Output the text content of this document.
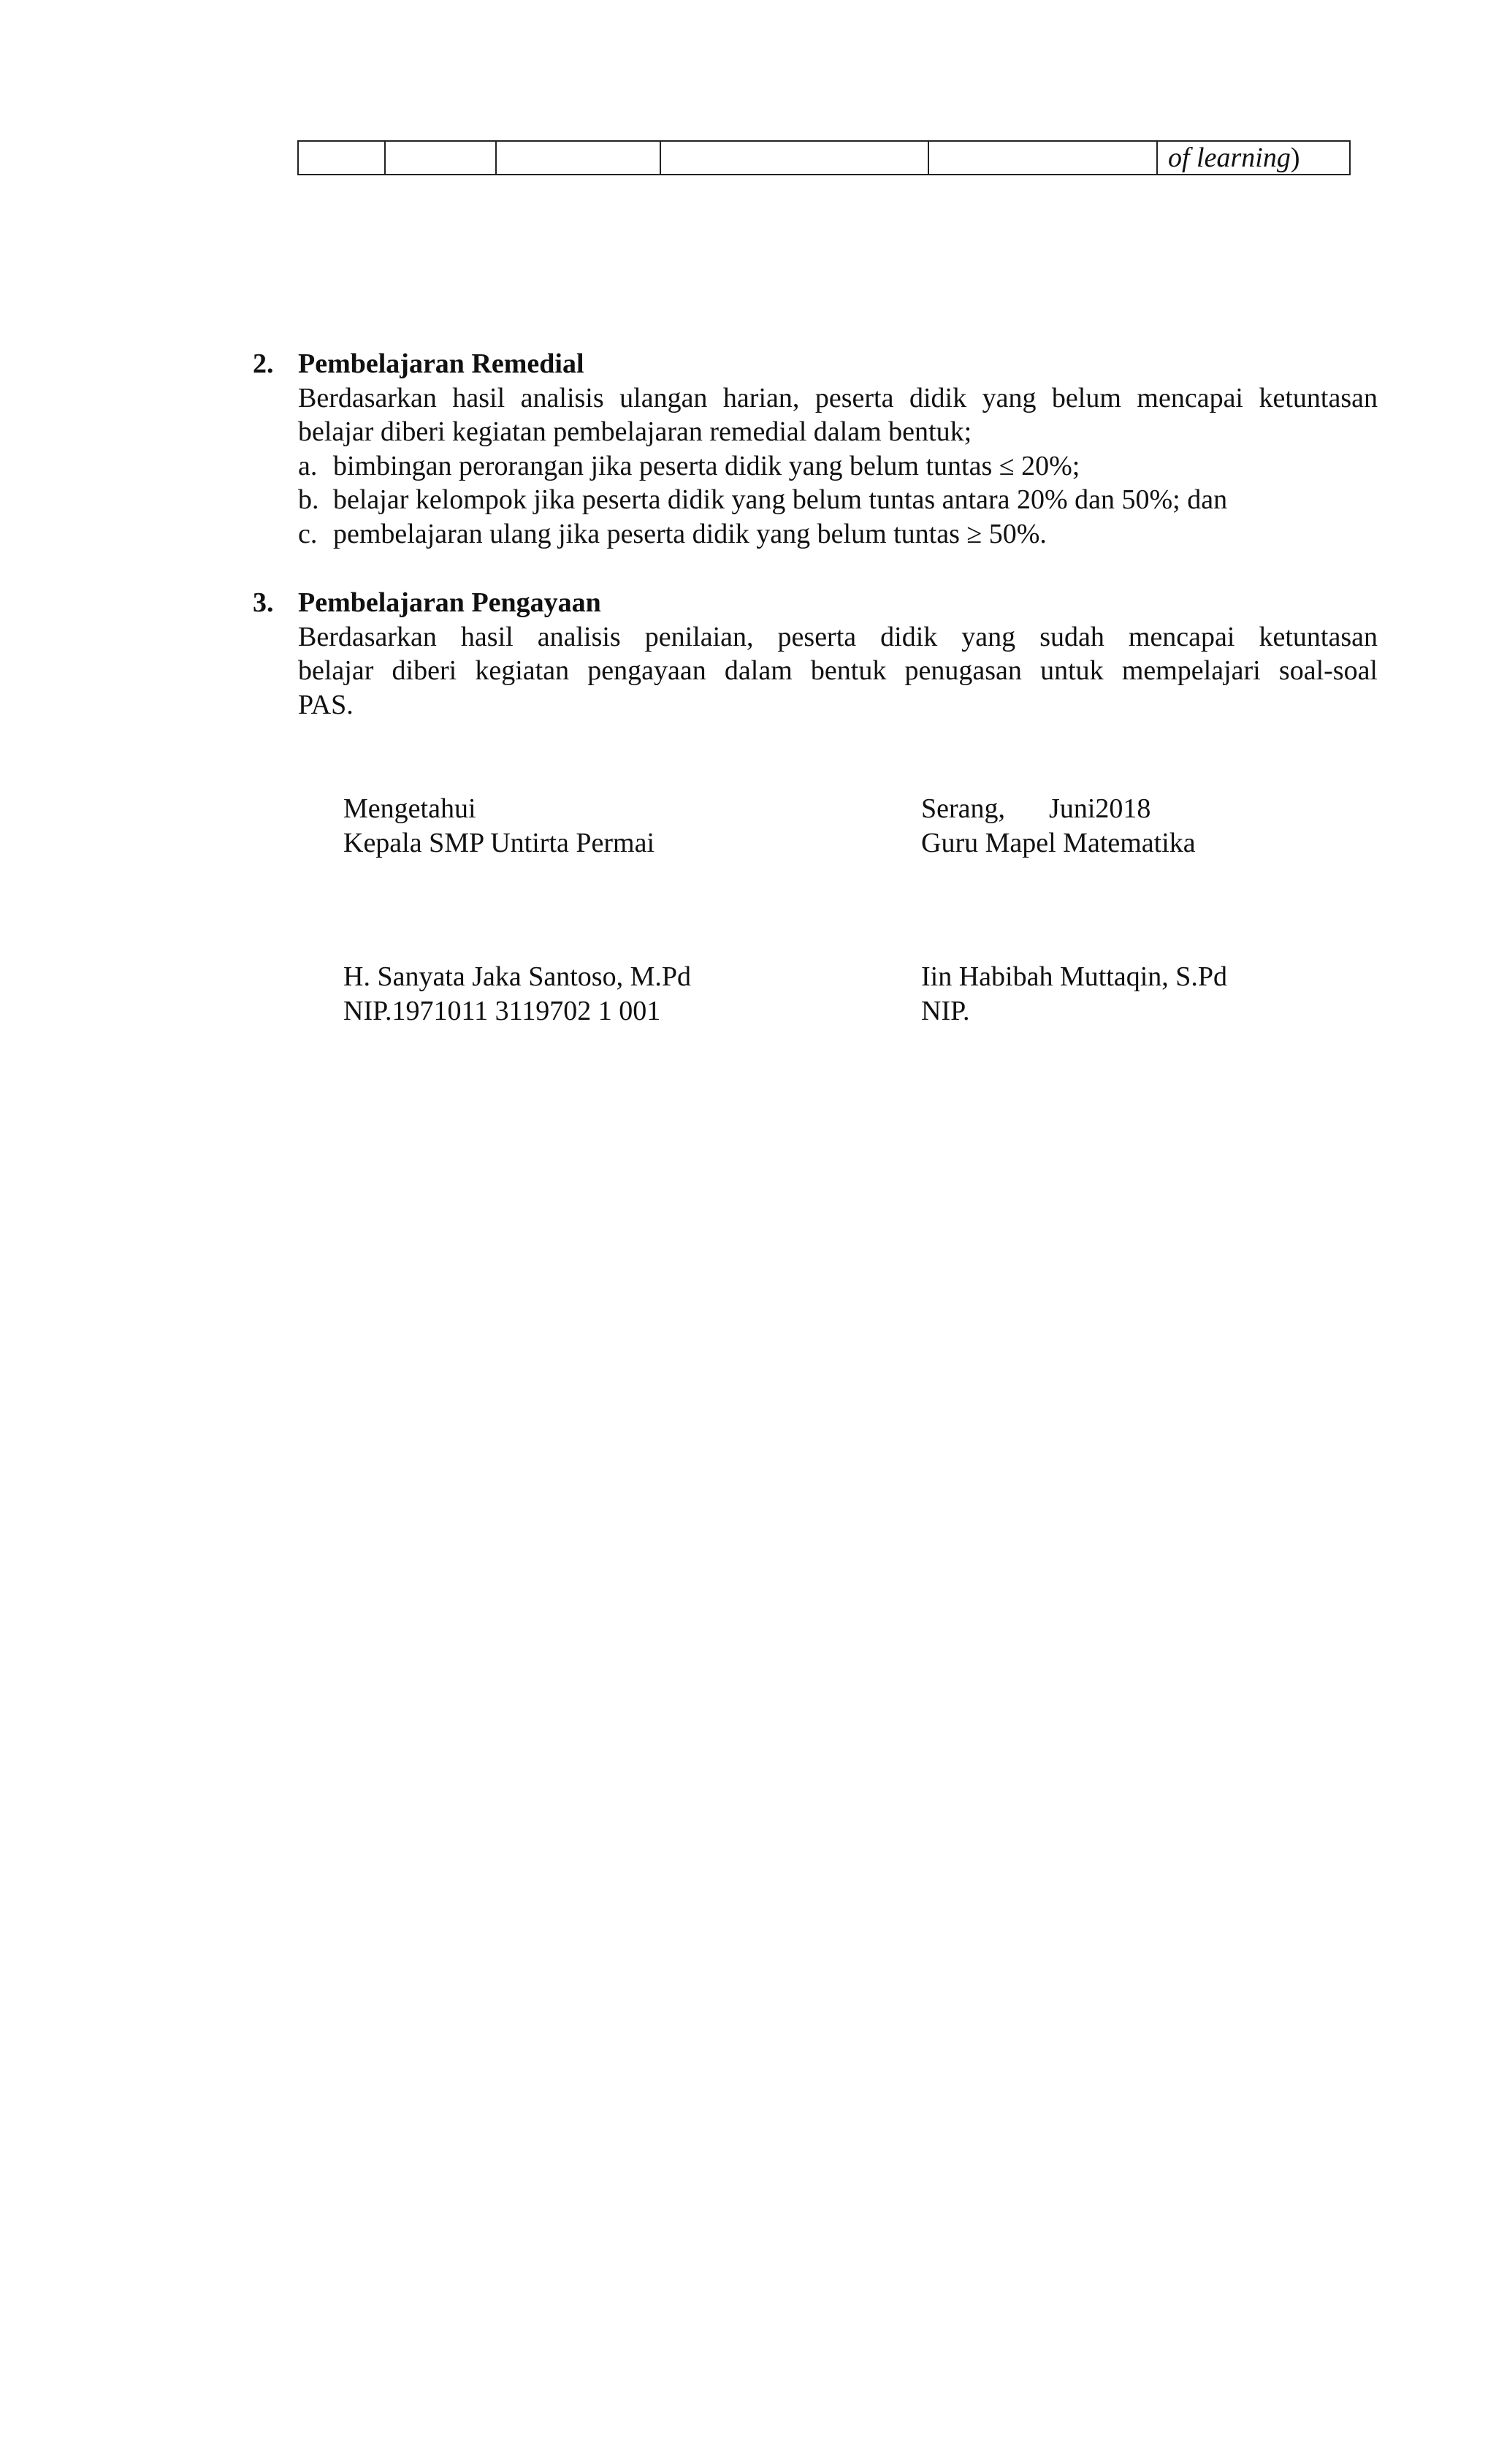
					of learning)
2. Pembelajaran Remedial

Berdasarkan hasil analisis ulangan harian, peserta didik yang belum mencapai ketuntasan

belajar diberi kegiatan pembelajaran remedial dalam bentuk;

a. bimbingan perorangan jika peserta didik yang belum tuntas ≤ 20%;
b. belajar kelompok jika peserta didik yang belum tuntas antara 20% dan 50%; dan
c. pembelajaran ulang jika peserta didik yang belum tuntas ≥ 50%.
3. Pembelajaran Pengayaan

Berdasarkan hasil analisis penilaian, peserta didik yang sudah mencapai ketuntasan

belajar diberi kegiatan pengayaan dalam bentuk penugasan untuk mempelajari soal-soal

PAS.

Mengetahui
Kepala SMP Untirta Permai
Serang, Juni2018
Guru Mapel Matematika
H. Sanyata Jaka Santoso, M.Pd
NIP.1971011 3119702 1 001
Iin Habibah Muttaqin, S.Pd
NIP.
